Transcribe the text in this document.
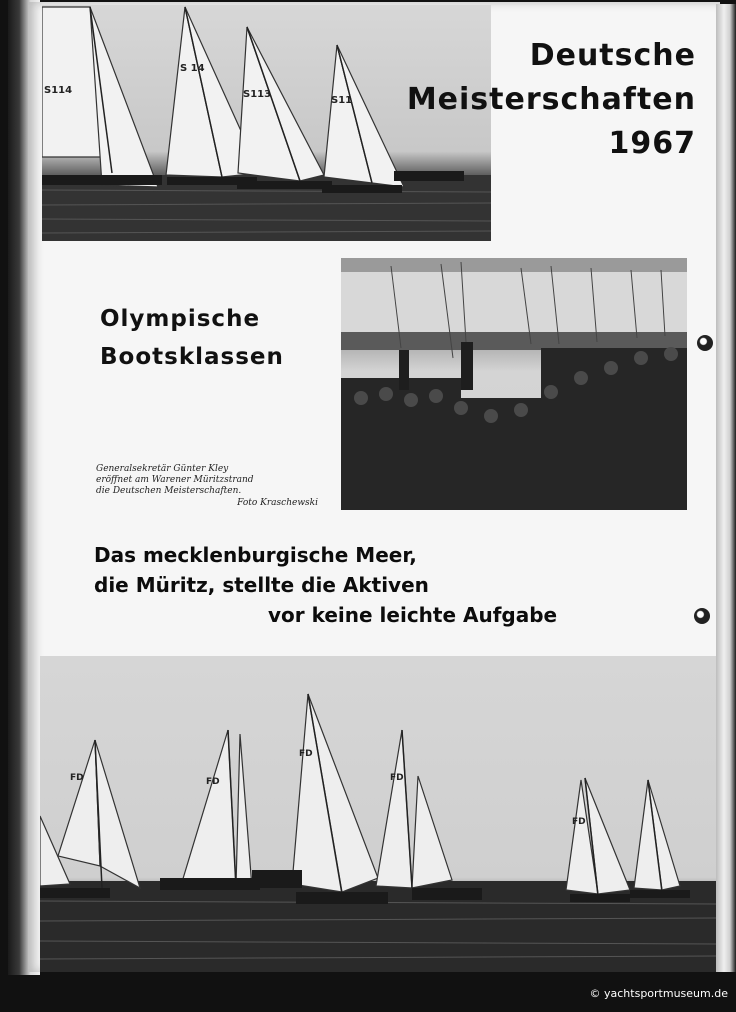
S114
S 14
S113
S11
Deutsche
Meisterschaften
1967
Olympische
Bootsklassen
Generalsekretär Günter Kley
eröffnet am Warener Müritzstrand
die Deutschen Meisterschaften.
Foto Kraschewski
Das mecklenburgische Meer,
die Müritz, stellte die Aktiven
vor keine leichte Aufgabe
FD	FD
FD
FD
FD
© yachtsportmuseum.de
